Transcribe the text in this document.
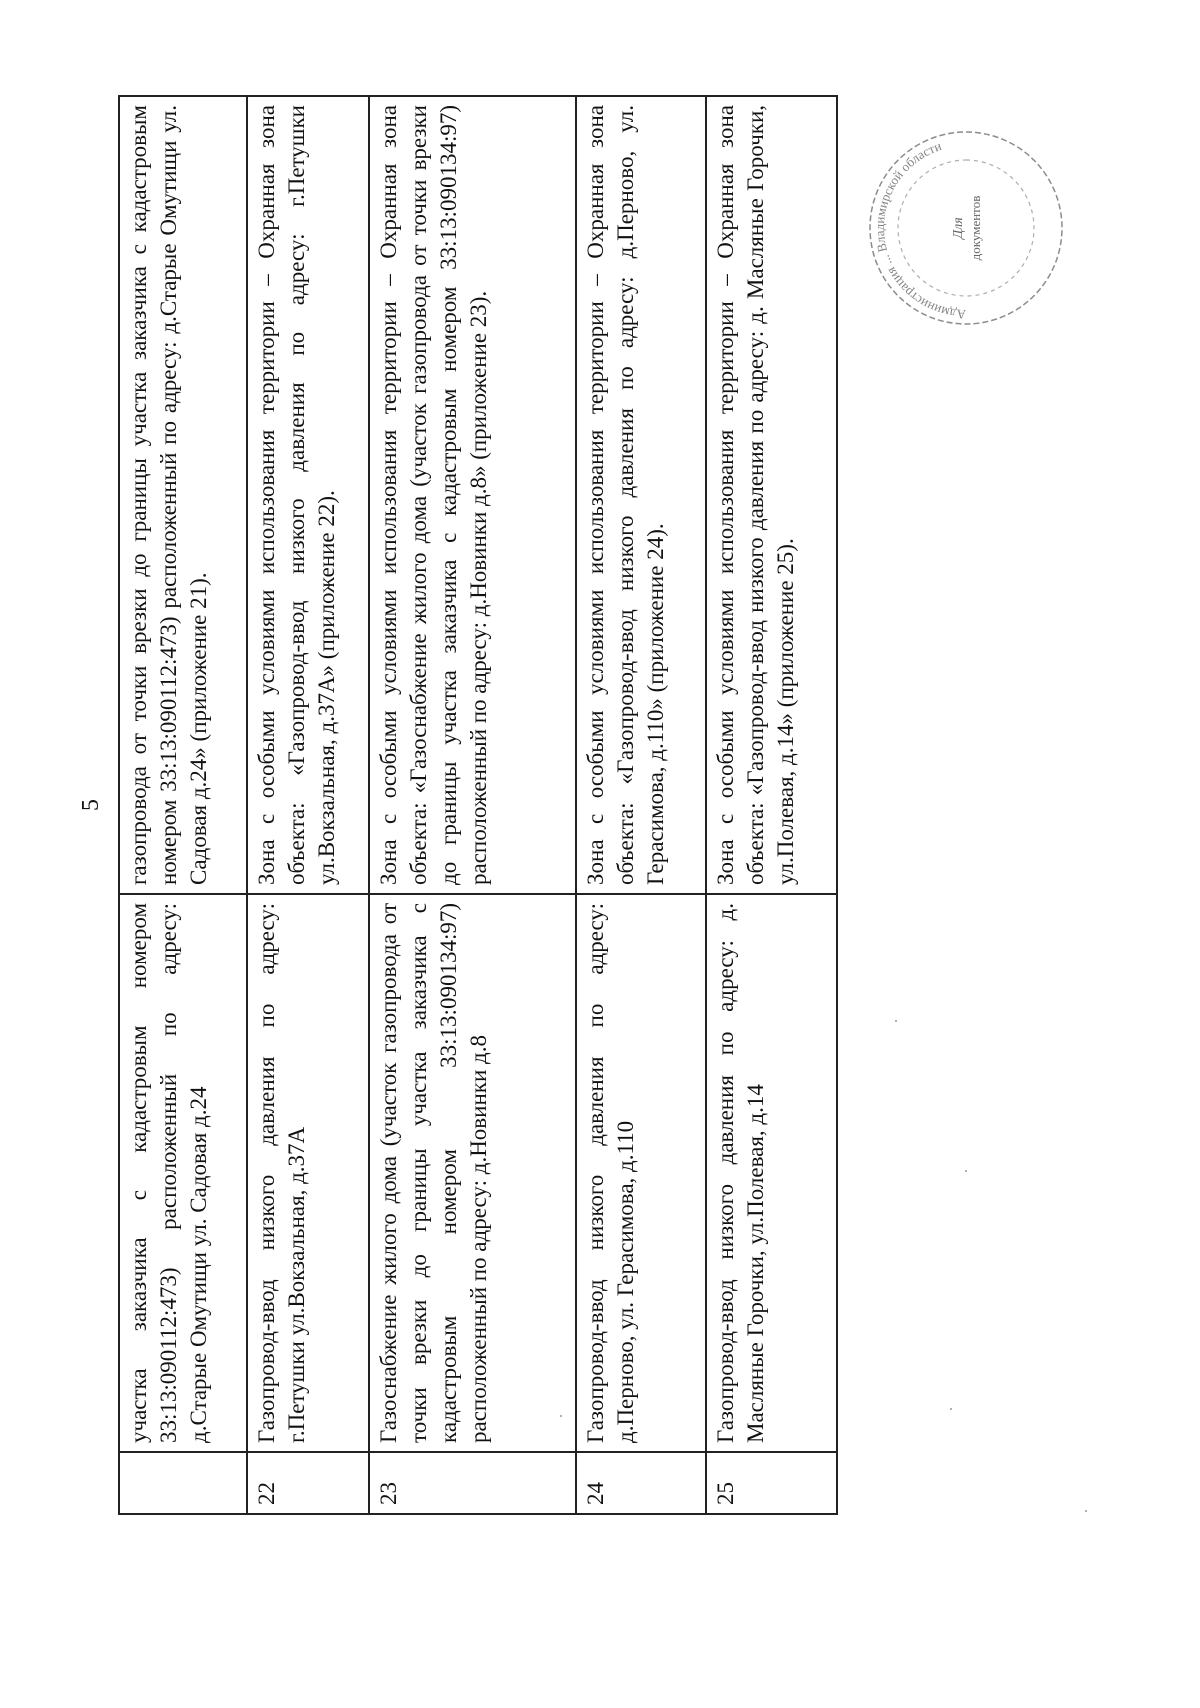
5
	участка заказчика с кадастровым номером 33:13:090112:473) расположенный по адресу: д.Старые Омутищи ул. Садовая д.24	газопровода от точки врезки до границы участка заказчика с кадастровым номером 33:13:090112:473) расположенный по адресу: д.Старые Омутищи ул. Садовая д.24» (приложение 21).
22	Газопровод-ввод низкого давления по адресу: г.Петушки ул.Вокзальная, д.37А	Зона с особыми условиями использования территории – Охранная зона объекта: «Газопровод-ввод низкого давления по адресу: г.Петушки ул.Вокзальная, д.37А» (приложение 22).
23	Газоснабжение жилого дома (участок газопровода от точки врезки до границы участка заказчика с кадастровым номером 33:13:090134:97) расположенный по адресу: д.Новинки д.8	Зона с особыми условиями использования территории – Охранная зона объекта: «Газоснабжение жилого дома (участок газопровода от точки врезки до границы участка заказчика с кадастровым номером 33:13:090134:97) расположенный по адресу: д.Новинки д.8» (приложение 23).
24	Газопровод-ввод низкого давления по адресу: д.Перново, ул. Герасимова, д.110	Зона с особыми условиями использования территории – Охранная зона объекта: «Газопровод-ввод низкого давления по адресу: д.Перново, ул. Герасимова, д.110» (приложение 24).
25	Газопровод-ввод низкого давления по адресу: д. Масляные Горочки, ул.Полевая, д.14	Зона с особыми условиями использования территории – Охранная зона объекта: «Газопровод-ввод низкого давления по адресу: д. Масляные Горочки, ул.Полевая, д.14» (приложение 25).
Администрация ... Владимирской области
Для документов
